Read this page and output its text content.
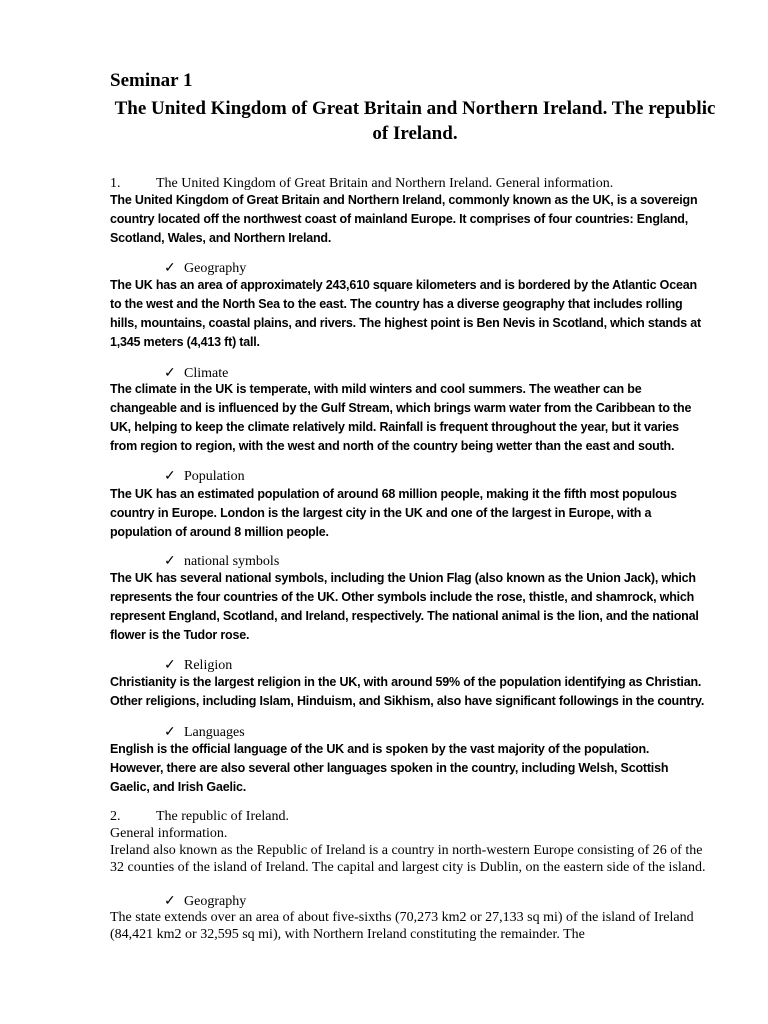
Seminar 1
The United Kingdom of Great Britain and Northern Ireland. The republic of Ireland.
1.	The United Kingdom of Great Britain and Northern Ireland. General information.
The United Kingdom of Great Britain and Northern Ireland, commonly known as the UK, is a sovereign country located off the northwest coast of mainland Europe. It comprises of four countries: England, Scotland, Wales, and Northern Ireland.
✓ Geography
The UK has an area of approximately 243,610 square kilometers and is bordered by the Atlantic Ocean to the west and the North Sea to the east. The country has a diverse geography that includes rolling hills, mountains, coastal plains, and rivers. The highest point is Ben Nevis in Scotland, which stands at 1,345 meters (4,413 ft) tall.
✓ Climate
The climate in the UK is temperate, with mild winters and cool summers. The weather can be changeable and is influenced by the Gulf Stream, which brings warm water from the Caribbean to the UK, helping to keep the climate relatively mild. Rainfall is frequent throughout the year, but it varies from region to region, with the west and north of the country being wetter than the east and south.
✓ Population
The UK has an estimated population of around 68 million people, making it the fifth most populous country in Europe. London is the largest city in the UK and one of the largest in Europe, with a population of around 8 million people.
✓ national symbols
The UK has several national symbols, including the Union Flag (also known as the Union Jack), which represents the four countries of the UK. Other symbols include the rose, thistle, and shamrock, which represent England, Scotland, and Ireland, respectively. The national animal is the lion, and the national flower is the Tudor rose.
✓ Religion
Christianity is the largest religion in the UK, with around 59% of the population identifying as Christian. Other religions, including Islam, Hinduism, and Sikhism, also have significant followings in the country.
✓ Languages
English is the official language of the UK and is spoken by the vast majority of the population. However, there are also several other languages spoken in the country, including Welsh, Scottish Gaelic, and Irish Gaelic.
2.	The republic of Ireland.
General information.
Ireland also known as the Republic of Ireland is a country in north-western Europe consisting of 26 of the 32 counties of the island of Ireland. The capital and largest city is Dublin, on the eastern side of the island.
✓ Geography
The state extends over an area of about five-sixths (70,273 km2 or 27,133 sq mi) of the island of Ireland (84,421 km2 or 32,595 sq mi), with Northern Ireland constituting the remainder. The
